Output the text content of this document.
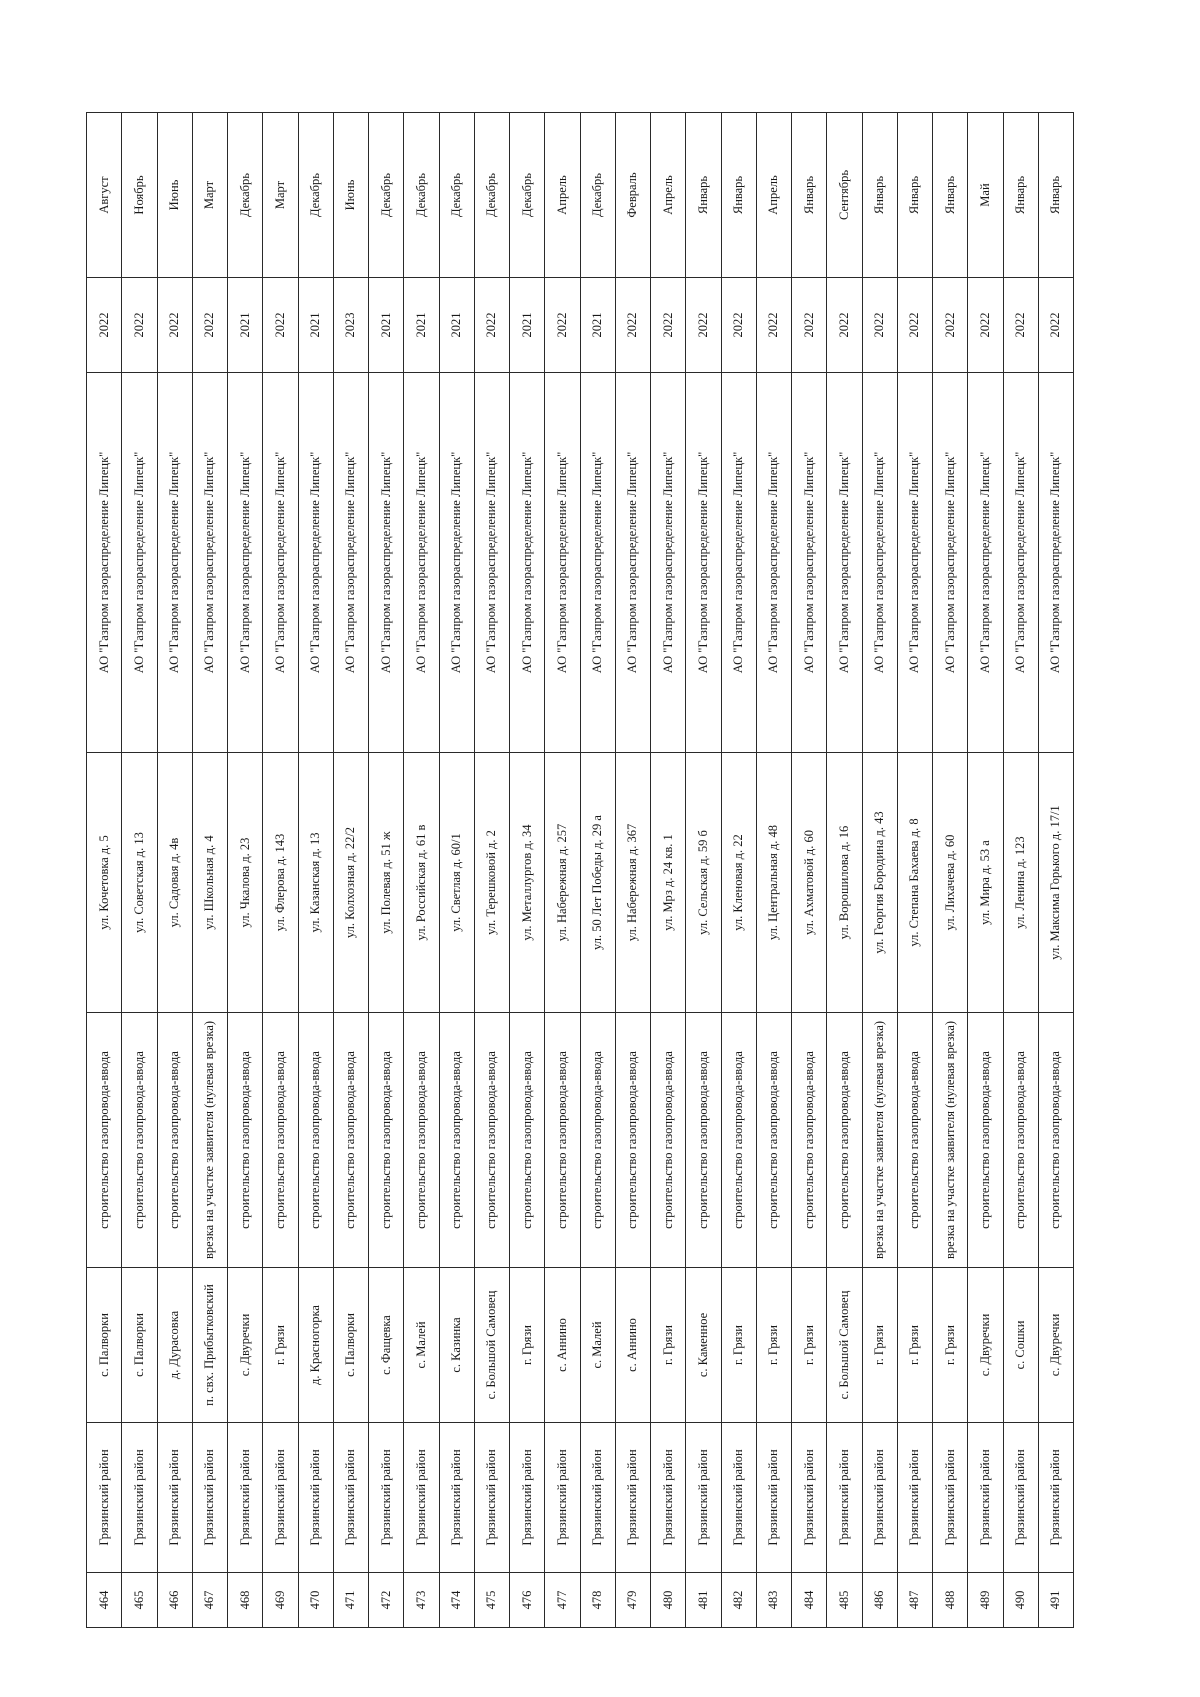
464	Грязинский район	с. Палворки	строительство газопровода-ввода	ул. Кочетовка д. 5	АО "Газпром газораспределение Липецк"	2022	Август
465	Грязинский район	с. Палворки	строительство газопровода-ввода	ул. Советская д. 13	АО "Газпром газораспределение Липецк"	2022	Ноябрь
466	Грязинский район	д. Дурасовка	строительство газопровода-ввода	ул. Садовая д. 4в	АО "Газпром газораспределение Липецк"	2022	Июнь
467	Грязинский район	п. свх. Прибытковский	врезка на участке заявителя (нулевая врезка)	ул. Школьная д. 4	АО "Газпром газораспределение Липецк"	2022	Март
468	Грязинский район	с. Двуречки	строительство газопровода-ввода	ул. Чкалова д. 23	АО "Газпром газораспределение Липецк"	2021	Декабрь
469	Грязинский район	г. Грязи	строительство газопровода-ввода	ул. Флерова д. 143	АО "Газпром газораспределение Липецк"	2022	Март
470	Грязинский район	д. Красногорка	строительство газопровода-ввода	ул. Казанская д. 13	АО "Газпром газораспределение Липецк"	2021	Декабрь
471	Грязинский район	с. Палворки	строительство газопровода-ввода	ул. Колхозная д. 22/2	АО "Газпром газораспределение Липецк"	2023	Июнь
472	Грязинский район	с. Фащевка	строительство газопровода-ввода	ул. Полевая д. 51 ж	АО "Газпром газораспределение Липецк"	2021	Декабрь
473	Грязинский район	с. Малей	строительство газопровода-ввода	ул. Российская д. 61 в	АО "Газпром газораспределение Липецк"	2021	Декабрь
474	Грязинский район	с. Казинка	строительство газопровода-ввода	ул. Светлая д. 60/1	АО "Газпром газораспределение Липецк"	2021	Декабрь
475	Грязинский район	с. Большой Самовец	строительство газопровода-ввода	ул. Терешковой д. 2	АО "Газпром газораспределение Липецк"	2022	Декабрь
476	Грязинский район	г. Грязи	строительство газопровода-ввода	ул. Металлургов д. 34	АО "Газпром газораспределение Липецк"	2021	Декабрь
477	Грязинский район	с. Аннино	строительство газопровода-ввода	ул. Набережная д. 257	АО "Газпром газораспределение Липецк"	2022	Апрель
478	Грязинский район	с. Малей	строительство газопровода-ввода	ул. 50 Лет Победы д. 29 а	АО "Газпром газораспределение Липецк"	2021	Декабрь
479	Грязинский район	с. Аннино	строительство газопровода-ввода	ул. Набережная д. 367	АО "Газпром газораспределение Липецк"	2022	Февраль
480	Грязинский район	г. Грязи	строительство газопровода-ввода	ул. Мрз д. 24 кв. 1	АО "Газпром газораспределение Липецк"	2022	Апрель
481	Грязинский район	с. Каменное	строительство газопровода-ввода	ул. Сельская д. 59 б	АО "Газпром газораспределение Липецк"	2022	Январь
482	Грязинский район	г. Грязи	строительство газопровода-ввода	ул. Кленовая д. 22	АО "Газпром газораспределение Липецк"	2022	Январь
483	Грязинский район	г. Грязи	строительство газопровода-ввода	ул. Центральная д. 48	АО "Газпром газораспределение Липецк"	2022	Апрель
484	Грязинский район	г. Грязи	строительство газопровода-ввода	ул. Ахматовой д. 60	АО "Газпром газораспределение Липецк"	2022	Январь
485	Грязинский район	с. Большой Самовец	строительство газопровода-ввода	ул. Ворошилова д. 16	АО "Газпром газораспределение Липецк"	2022	Сентябрь
486	Грязинский район	г. Грязи	врезка на участке заявителя (нулевая врезка)	ул. Георгия Бородина д. 43	АО "Газпром газораспределение Липецк"	2022	Январь
487	Грязинский район	г. Грязи	строительство газопровода-ввода	ул. Степана Бахаева д. 8	АО "Газпром газораспределение Липецк"	2022	Январь
488	Грязинский район	г. Грязи	врезка на участке заявителя (нулевая врезка)	ул. Лихачева д. 60	АО "Газпром газораспределение Липецк"	2022	Январь
489	Грязинский район	с. Двуречки	строительство газопровода-ввода	ул. Мира д. 53 а	АО "Газпром газораспределение Липецк"	2022	Май
490	Грязинский район	с. Сошки	строительство газопровода-ввода	ул. Ленина д. 123	АО "Газпром газораспределение Липецк"	2022	Январь
491	Грязинский район	с. Двуречки	строительство газопровода-ввода	ул. Максима Горького д. 17/1	АО "Газпром газораспределение Липецк"	2022	Январь
